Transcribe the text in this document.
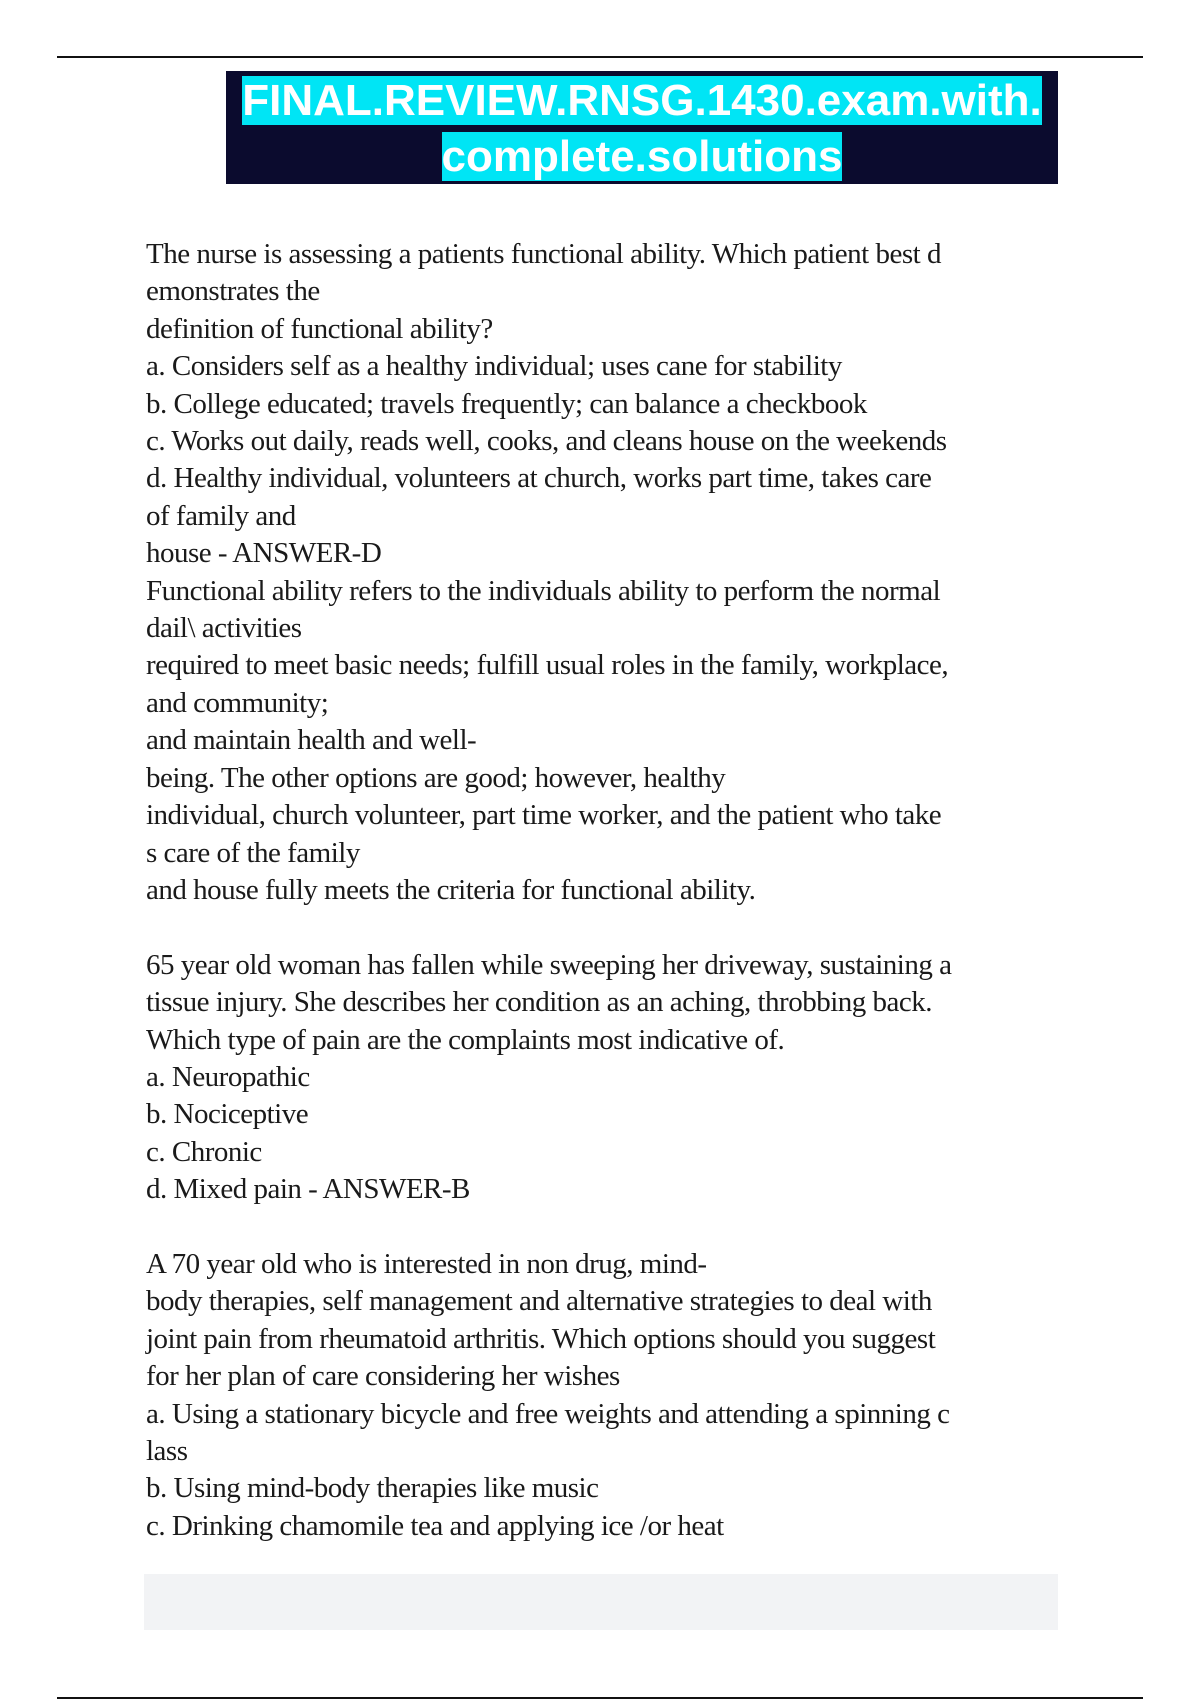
FINAL.REVIEW.RNSG.1430.exam.with.complete.solutions
The nurse is assessing a patients functional ability. Which patient best d
emonstrates the
definition of functional ability?
a. Considers self as a healthy individual; uses cane for stability
b. College educated; travels frequently; can balance a checkbook
c. Works out daily, reads well, cooks, and cleans house on the weekends
d. Healthy individual, volunteers at church, works part time, takes care
of family and
house - ANSWER-D
Functional ability refers to the individuals ability to perform the normal
dail\ activities
required to meet basic needs; fulfill usual roles in the family, workplace,
and community;
and maintain health and well-
being. The other options are good; however, healthy
individual, church volunteer, part time worker, and the patient who take
s care of the family
and house fully meets the criteria for functional ability.
65 year old woman has fallen while sweeping her driveway, sustaining a
tissue injury. She describes her condition as an aching, throbbing back.
Which type of pain are the complaints most indicative of.
a. Neuropathic
b. Nociceptive
c. Chronic
d. Mixed pain - ANSWER-B
A 70 year old who is interested in non drug, mind-
body therapies, self management and alternative strategies to deal with
joint pain from rheumatoid arthritis. Which options should you suggest
for her plan of care considering her wishes
a. Using a stationary bicycle and free weights and attending a spinning c
lass
b. Using mind-body therapies like music
c. Drinking chamomile tea and applying ice /or heat
